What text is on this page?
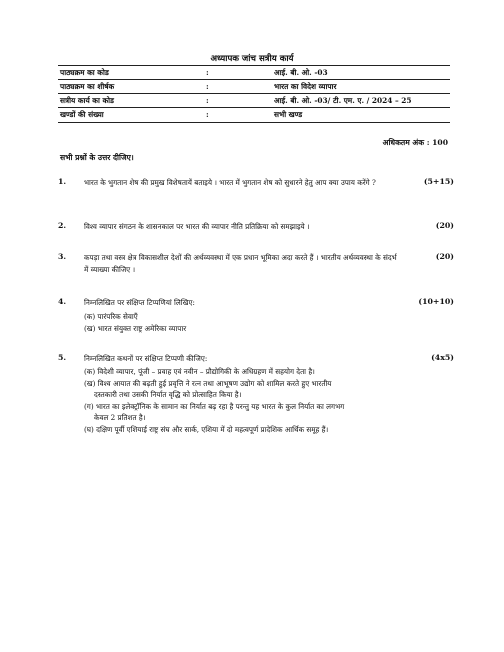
अध्यापक जांच सत्रीय कार्य
पाठ्यक्रम का कोड	:	आई. बी. ओ. -03
पाठ्यक्रम का शीर्षक	:	भारत का विदेश व्यापार
सत्रीय कार्य का कोड	:	आई. बी. ओ. -03/ टी. एम. ए. / 2024 – 25
खण्डों की संख्या	:	सभी खण्ड
अधिकतम अंक : 100
सभी प्रश्नों के उत्तर दीजिए।
1. भारत के भुगतान शेष की प्रमुख विशेषतायें बताइये । भारत में भुगतान शेष को सुधारने हेतु आप क्या उपाय करेंगे ?	(5+15)
2. विश्व व्यापार संगठन के शासनकाल पर भारत की व्यापार नीति प्रतिक्रिया को समझाइये ।	(20)
3. कपड़ा तथा वस्त्र क्षेत्र विकासशील देशों की अर्थव्यवस्था में एक प्रधान भूमिका अदा करते हैं । भारतीय अर्थव्यवस्था के संदर्भ में व्याख्या कीजिए ।
(20)
4. निम्नलिखित पर संक्षिप्त टिप्पणियां लिखिए:	(10+10)
(क) पारंपरिक सेवाएँ
(ख) भारत संयुक्त राष्ट्र अमेरिका व्यापार
5. निम्नलिखित कथनों पर संक्षिप्त टिप्पणी कीजिए:	(4x5)
(क) विदेशी व्यापार, पूंजी – प्रवाह एवं नवीन – प्रौद्योगिकी के अधिग्रहण में सहयोग देता है।
(ख) विश्व आयात की बढ़ती हुई प्रवृत्ति ने रत्न तथा आभूषण उद्योग को शामिल करते हुए भारतीय
दस्तकारी तथा उसकी निर्यात वृद्धि को प्रोत्साहित किया है।
(ग) भारत का इलेक्ट्रॉनिक के सामान का निर्यात बढ़ रहा है परन्तु यह भारत के कुल निर्यात का लगभग
केवल 2 प्रतिशत है।
(घ) दक्षिण पूर्वी एशियाई राष्ट्र संघ और सार्क, एशिया में दो महत्वपूर्ण प्रादेशिक आर्थिक समूह हैं।
